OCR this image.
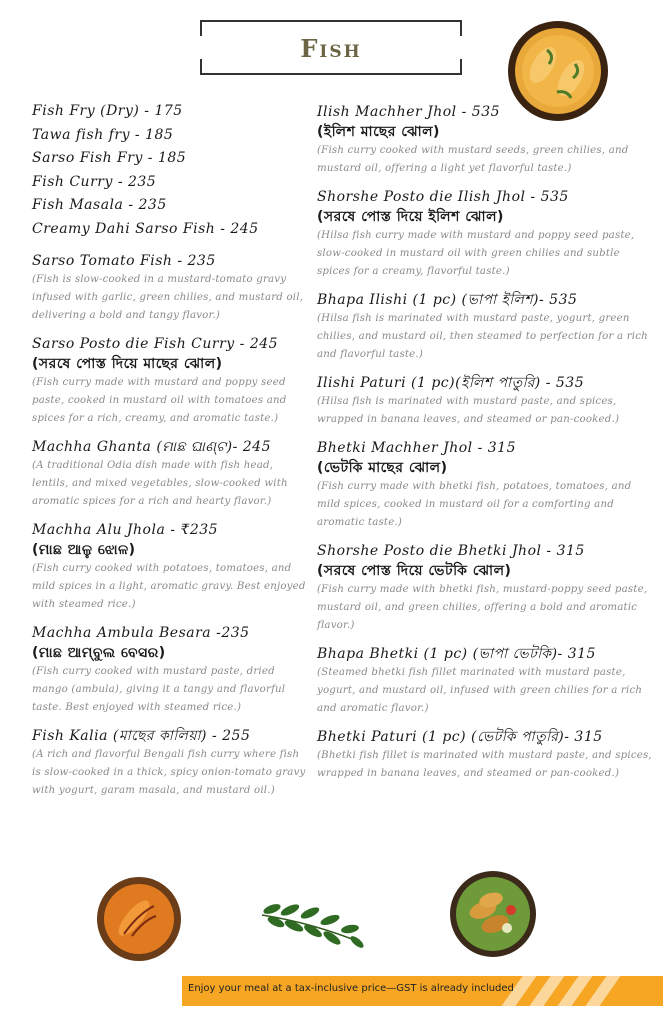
Fish
Fish Fry (Dry) - 175
Tawa fish fry - 185
Sarso Fish Fry - 185
Fish Curry - 235
Fish Masala - 235
Creamy Dahi Sarso Fish - 245
Sarso Tomato Fish - 235
(Fish is slow-cooked in a mustard-tomato gravy infused with garlic, green chilies, and mustard oil, delivering a bold and tangy flavor.)
Sarso Posto die Fish Curry - 245
(সরষে পোস্ত দিয়ে মাছের ঝোল)
(Fish curry made with mustard and poppy seed paste, cooked in mustard oil with tomatoes and spices for a rich, creamy, and aromatic taste.)
Machha Ghanta (ମାଛ ଘାଣ୍ଟ)- 245
(A traditional Odia dish made with fish head, lentils, and mixed vegetables, slow-cooked with aromatic spices for a rich and hearty flavor.)
Machha Alu Jhola - ₹235
(ମାଛ ଆଳୁ ଝୋଳ)
(Fish curry cooked with potatoes, tomatoes, and mild spices in a light, aromatic gravy. Best enjoyed with steamed rice.)
Machha Ambula Besara -235
(ମାଛ ଆମ୍ବୁଲ ବେସର)
(Fish curry cooked with mustard paste, dried mango (ambula), giving it a tangy and flavorful taste. Best enjoyed with steamed rice.)
Fish Kalia (মাছের কালিয়া) - 255
(A rich and flavorful Bengali fish curry where fish is slow-cooked in a thick, spicy onion-tomato gravy with yogurt, garam masala, and mustard oil.)
Ilish Machher Jhol - 535
(ইলিশ মাছের ঝোল)
(Fish curry cooked with mustard seeds, green chilies, and mustard oil, offering a light yet flavorful taste.)
Shorshe Posto die Ilish Jhol - 535
(সরষে পোস্ত দিয়ে ইলিশ ঝোল)
(Hilsa fish curry made with mustard and poppy seed paste, slow-cooked in mustard oil with green chilies and subtle spices for a creamy, flavorful taste.)
Bhapa Ilishi (1 pc) (ভাপা ইলিশ)- 535
(Hilsa fish is marinated with mustard paste, yogurt, green chilies, and mustard oil, then steamed to perfection for a rich and flavorful taste.)
Ilishi Paturi (1 pc)(ইলিশ পাতুরি) - 535
(Hilsa fish is marinated with mustard paste, and spices, wrapped in banana leaves, and steamed or pan-cooked.)
Bhetki Machher Jhol - 315
(ভেটকি মাছের ঝোল)
(Fish curry made with bhetki fish, potatoes, tomatoes, and mild spices, cooked in mustard oil for a comforting and aromatic taste.)
Shorshe Posto die Bhetki Jhol - 315
(সরষে পোস্ত দিয়ে ভেটকি ঝোল)
(Fish curry made with bhetki fish, mustard-poppy seed paste, mustard oil, and green chilies, offering a bold and aromatic flavor.)
Bhapa Bhetki (1 pc) (ভাপা ভেটকি)- 315
(Steamed bhetki fish fillet marinated with mustard paste, yogurt, and mustard oil, infused with green chilies for a rich and aromatic flavor.)
Bhetki Paturi (1 pc) (ভেটকি পাতুরি)- 315
(Bhetki fish fillet is marinated with mustard paste, and spices, wrapped in banana leaves, and steamed or pan-cooked.)
Enjoy your meal at a tax-inclusive price—GST is already included
